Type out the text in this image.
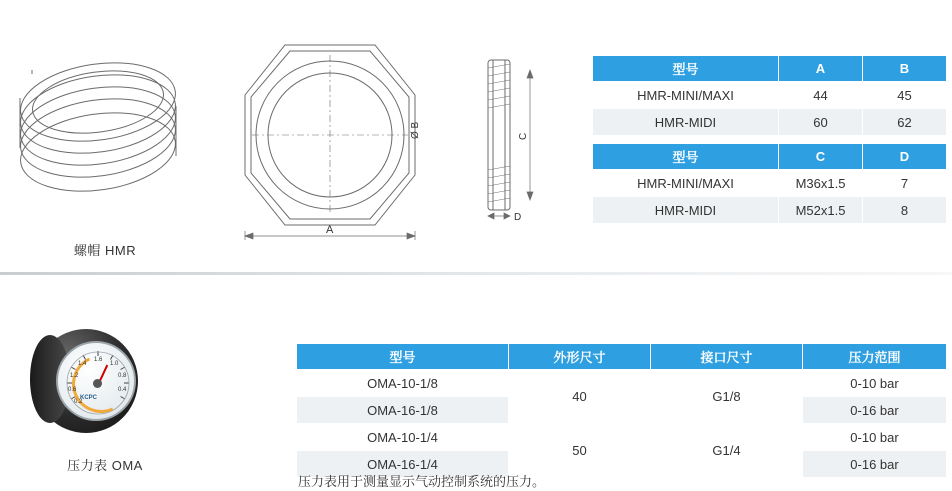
螺帽 HMR
A
Ø B	C
D
型号	A	B
HMR-MINI/MAXI	44	45
HMR-MIDI	60	62
型号	C	D
HMR-MINI/MAXI	M36x1.5	7
HMR-MIDI	M52x1.5	8
1.6
1.4	1.0
1.2	0.8
0.6	0.4
0.2
KCPC
压力表 OMA
型号	外形尺寸	接口尺寸	压力范围
OMA-10-1/8	40	G1/8	0-10 bar
OMA-16-1/8			0-16 bar
OMA-10-1/4	50	G1/4	0-10 bar
OMA-16-1/4			0-16 bar
压力表用于测量显示气动控制系统的压力。
